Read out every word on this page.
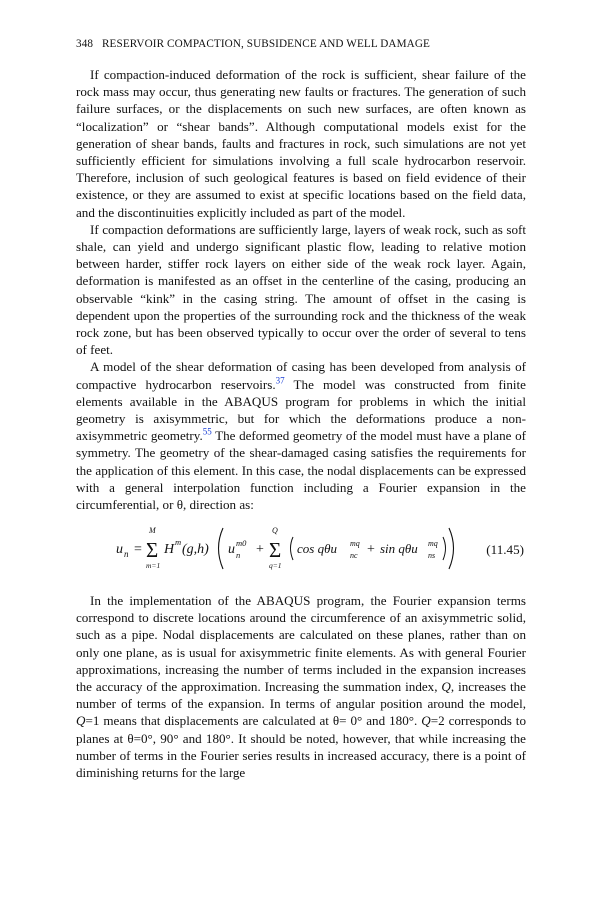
348 RESERVOIR COMPACTION, SUBSIDENCE AND WELL DAMAGE

If compaction-induced deformation of the rock is sufficient, shear failure of the rock mass may occur, thus generating new faults or fractures. The generation of such failure surfaces, or the displacements on such new surfaces, are often known as “localization” or “shear bands”. Although computational models exist for the generation of shear bands, faults and fractures in rock, such simulations are not yet sufficiently efficient for simulations involving a full scale hydrocarbon reservoir. Therefore, inclusion of such geological features is based on field evidence of their existence, or they are assumed to exist at specific locations based on the field data, and the discontinuities explicitly included as part of the model.

If compaction deformations are sufficiently large, layers of weak rock, such as soft shale, can yield and undergo significant plastic flow, leading to relative motion between harder, stiffer rock layers on either side of the weak rock layer. Again, deformation is manifested as an offset in the centerline of the casing, producing an observable “kink” in the casing string. The amount of offset in the casing is dependent upon the properties of the surrounding rock and the thickness of the weak rock zone, but has been observed typically to occur over the order of several to tens of feet.

A model of the shear deformation of casing has been developed from analysis of compactive hydrocarbon reservoirs.$^{37}$ The model was constructed from finite elements available in the ABAQUS program for problems in which the initial geometry is axisymmetric, but for which the deformations produce a non-axisymmetric geometry.$^{55}$ The deformed geometry of the model must have a plane of symmetry. The geometry of the shear-damaged casing satisfies the requirements for the application of this element. In this case, the nodal displacements can be expressed with a general interpolation function including a Fourier expansion in the circumferential, or θ, direction as:

u n =
M
Σ
m=1
H m (g,h) u m0
n +
Q
Σ
q=1
cos qθu mq
nc + sin qθu mq
ns	(11.45)

In the implementation of the ABAQUS program, the Fourier expansion terms correspond to discrete locations around the circumference of an axisymmetric solid, such as a pipe. Nodal displacements are calculated on these planes, rather than on only one plane, as is usual for axisymmetric finite elements. As with general Fourier approximations, increasing the number of terms included in the expansion increases the accuracy of the approximation. Increasing the summation index, Q, increases the number of terms of the expansion. In terms of angular position around the model, Q=1 means that displacements are calculated at θ= 0° and 180°. Q=2 corresponds to planes at θ=0°, 90° and 180°. It should be noted, however, that while increasing the number of terms in the Fourier series results in increased accuracy, there is a point of diminishing returns for the large
